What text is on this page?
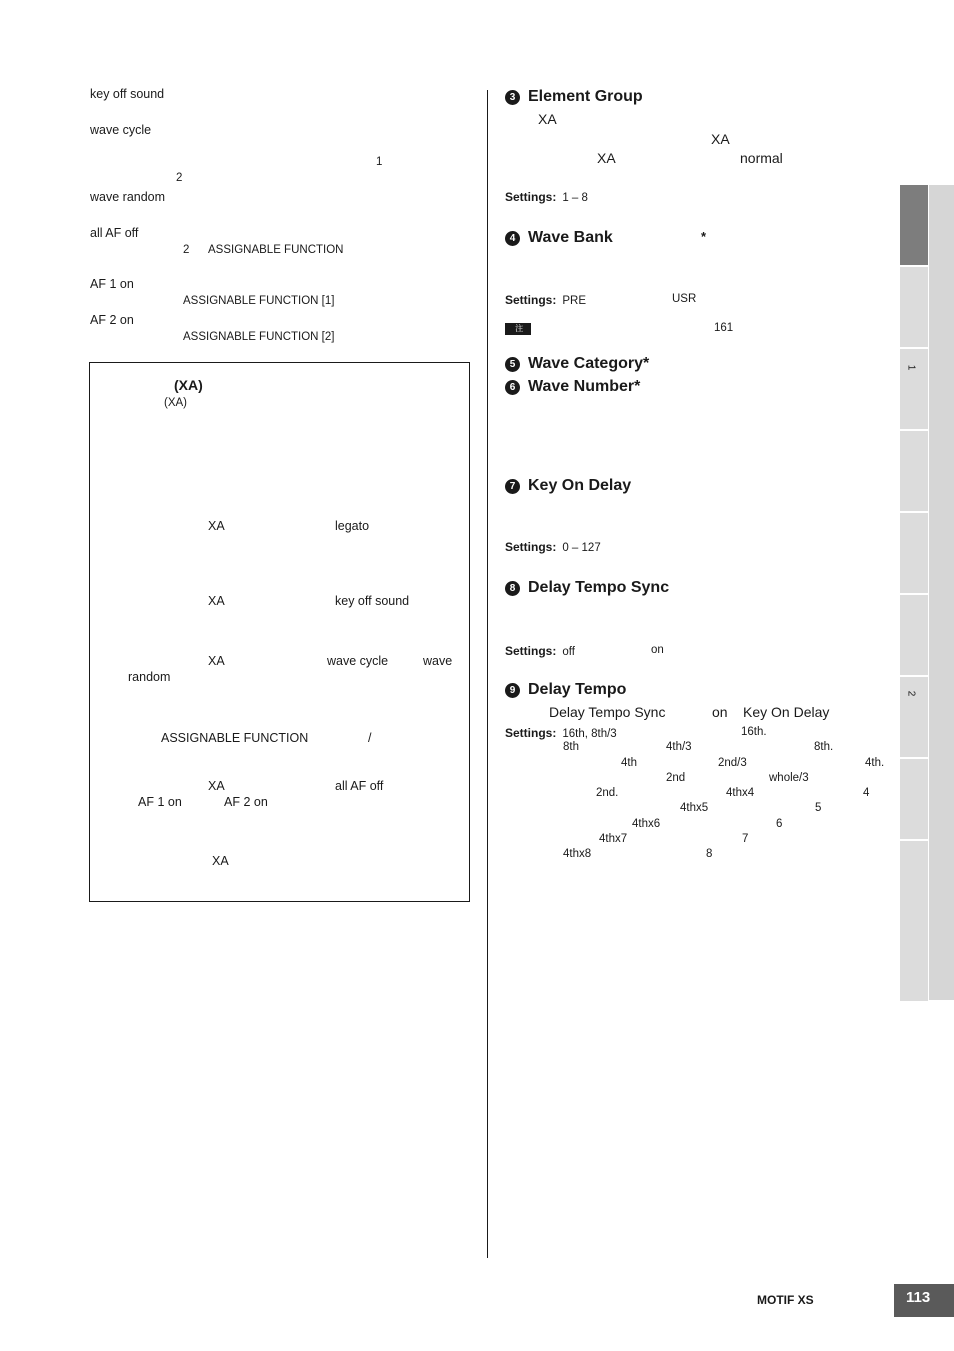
key off sound
wave cycle
1
2
wave random
all AF off
2 ASSIGNABLE FUNCTION
AF 1 on
ASSIGNABLE FUNCTION [1]
AF 2 on
ASSIGNABLE FUNCTION [2]
(XA)
(XA)
XA	legato
XA	key off sound
XA	wave cycle	wave
random
ASSIGNABLE FUNCTION	/
XA	all AF off
AF 1 on	AF 2 on
XA
3 Element Group
XA
XA
XA	normal
Settings: 1 – 8
4 Wave Bank	*
Settings: PRE	USR
注	161
5 Wave Category*
6 Wave Number*
7 Key On Delay
Settings: 0 – 127
8 Delay Tempo Sync
Settings: off	on
9 Delay Tempo
Delay Tempo Sync	on Key On Delay
Settings: 16th, 8th/3	16th.
8th	4th/3	8th.
4th	2nd/3	4th.
2nd	whole/3
2nd.	4thx4	4
4thx5	5
4thx6	6
4thx7	7
4thx8	8
1
2
MOTIF XS	113
